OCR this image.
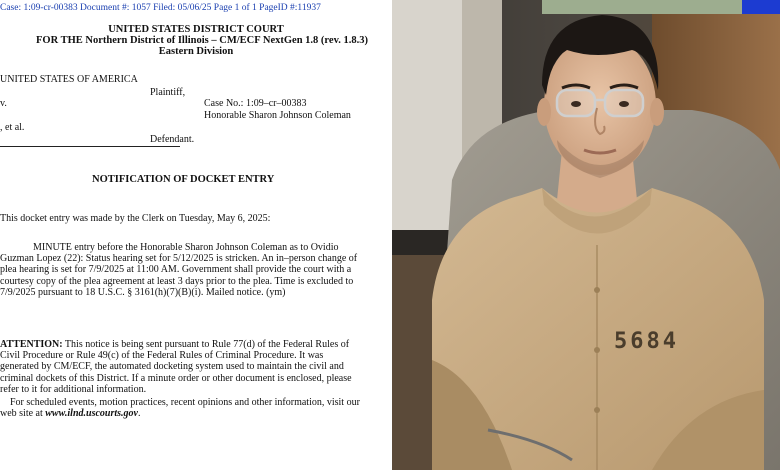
Case: 1:09-cr-00383 Document #: 1057 Filed: 05/06/25 Page 1 of 1 PageID #:11937
UNITED STATES DISTRICT COURT
FOR THE Northern District of Illinois – CM/ECF NextGen 1.8 (rev. 1.8.3)
Eastern Division
UNITED STATES OF AMERICA
Plaintiff,
v.	Case No.: 1:09–cr–00383
Honorable Sharon Johnson Coleman
, et al.
Defendant.
NOTIFICATION OF DOCKET ENTRY
This docket entry was made by the Clerk on Tuesday, May 6, 2025:
MINUTE entry before the Honorable Sharon Johnson Coleman as to Ovidio
Guzman Lopez (22): Status hearing set for 5/12/2025 is stricken. An in–person change of
plea hearing is set for 7/9/2025 at 11:00 AM. Government shall provide the court with a
courtesy copy of the plea agreement at least 3 days prior to the plea. Time is excluded to
7/9/2025 pursuant to 18 U.S.C. § 3161(h)(7)(B)(i). Mailed notice. (ym)
ATTENTION: This notice is being sent pursuant to Rule 77(d) of the Federal Rules of
Civil Procedure or Rule 49(c) of the Federal Rules of Criminal Procedure. It was
generated by CM/ECF, the automated docketing system used to maintain the civil and
criminal dockets of this District. If a minute order or other document is enclosed, please
refer to it for additional information.
For scheduled events, motion practices, recent opinions and other information, visit our
web site at www.ilnd.uscourts.gov.
5684
